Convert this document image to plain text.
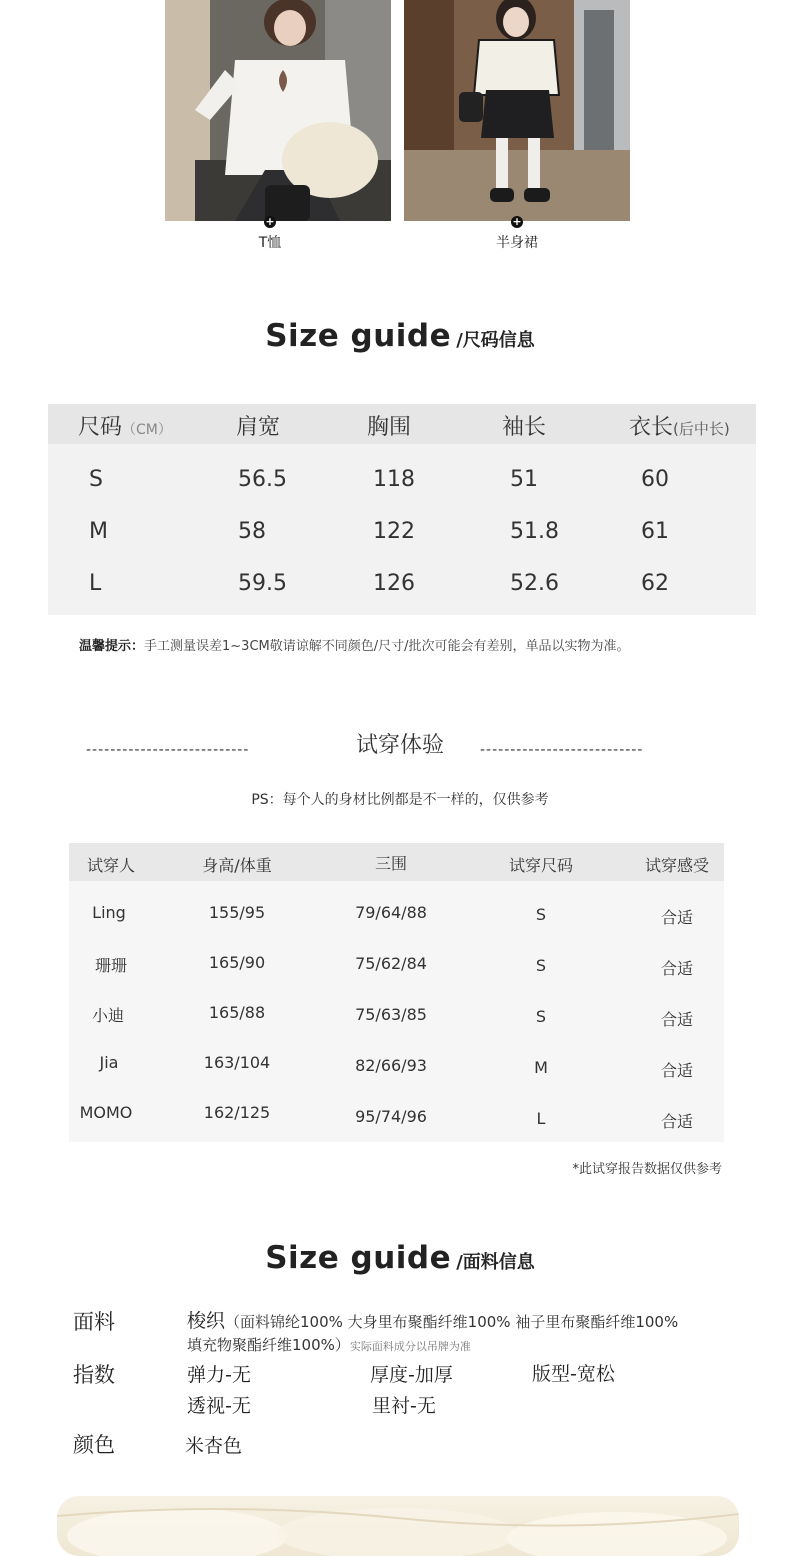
+	+
T恤	半身裙
Size guide /尺码信息
尺码（CM）	肩宽	胸围	袖长	衣长(后中长)
S	56.5	118	51	60
M	58	122	51.8	61
L	59.5	126	52.6	62
温馨提示：手工测量误差1~3CM敬请谅解不同颜色/尺寸/批次可能会有差别，单品以实物为准。
---------------------------	试穿体验	---------------------------
PS：每个人的身材比例都是不一样的，仅供参考
试穿人	身高/体重	三围	试穿尺码	试穿感受
Ling	155/95	79/64/88	S	合适
珊珊	165/90	75/62/84	S	合适
小迪	165/88	75/63/85	S	合适
Jia	163/104	82/66/93	M	合适
MOMO	162/125	95/74/96	L	合适
*此试穿报告数据仅供参考
Size guide /面料信息
面料	梭织（面料锦纶100% 大身里布聚酯纤维100% 袖子里布聚酯纤维100%
填充物聚酯纤维100%）实际面料成分以吊牌为准
指数	弹力-无	厚度-加厚	版型-宽松
透视-无	里衬-无
颜色	米杏色
